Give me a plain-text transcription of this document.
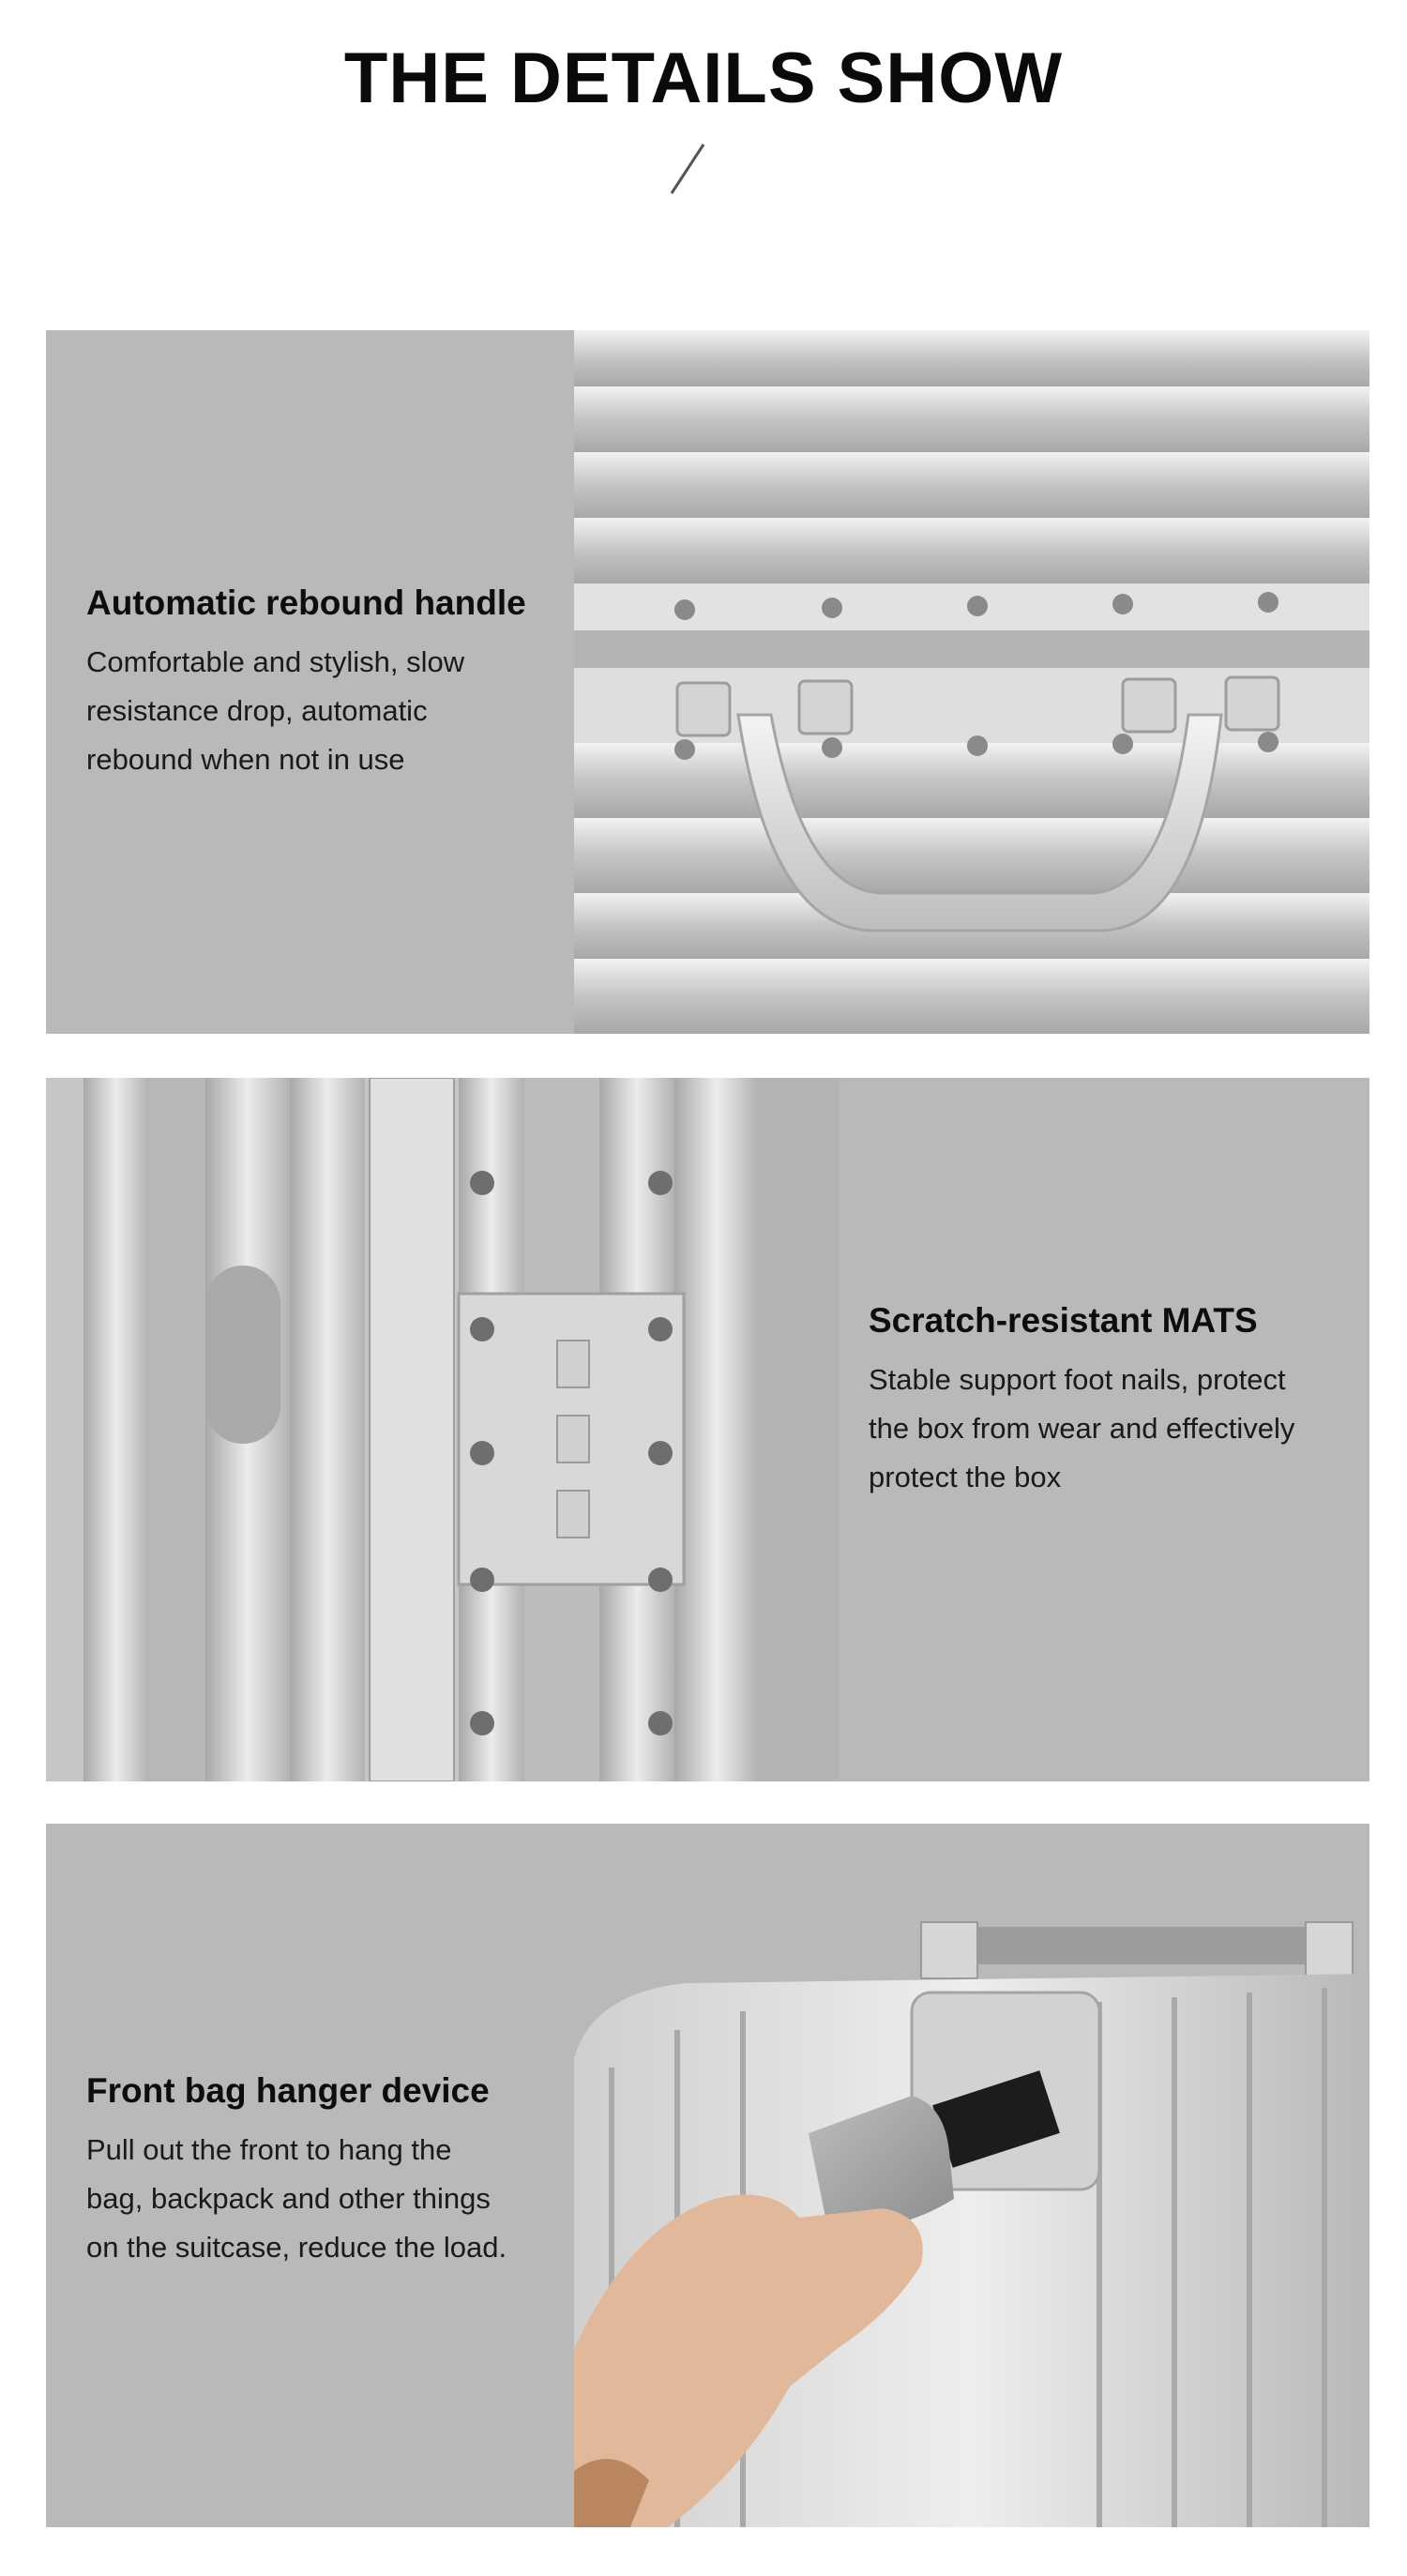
THE DETAILS SHOW
Automatic rebound handle

Comfortable and stylish, slow
resistance drop, automatic
rebound when not in use

Scratch-resistant MATS

Stable support foot nails, protect
the box from wear and effectively
protect the box

Front bag hanger device

Pull out the front to hang the
bag, backpack and other things
on the suitcase, reduce the load.
